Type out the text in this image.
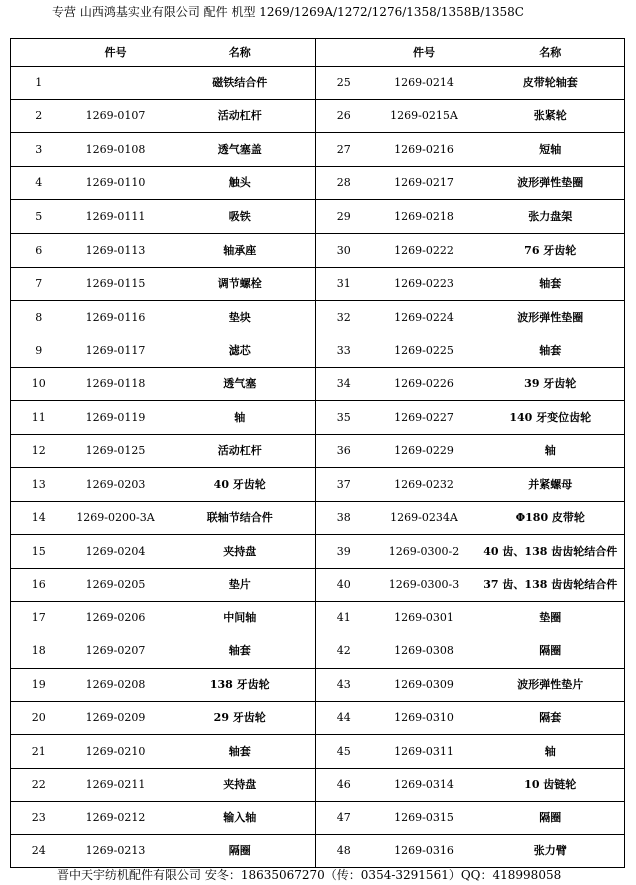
专营 山西鸿基实业有限公司 配件 机型 1269/1269A/1272/1276/1358/1358B/1358C
	件号	名称		件号	名称
1		磁铁结合件	25	1269-0214	皮带轮轴套
2	1269-0107	活动杠杆	26	1269-0215A	张紧轮
3	1269-0108	透气塞盖	27	1269-0216	短轴
4	1269-0110	触头	28	1269-0217	波形弹性垫圈
5	1269-0111	吸铁	29	1269-0218	张力盘架
6	1269-0113	轴承座	30	1269-0222	76 牙齿轮
7	1269-0115	调节螺栓	31	1269-0223	轴套
8	1269-0116	垫块	32	1269-0224	波形弹性垫圈
9	1269-0117	滤芯	33	1269-0225	轴套
10	1269-0118	透气塞	34	1269-0226	39 牙齿轮
11	1269-0119	轴	35	1269-0227	140 牙变位齿轮
12	1269-0125	活动杠杆	36	1269-0229	轴
13	1269-0203	40 牙齿轮	37	1269-0232	并紧螺母
14	1269-0200-3A	联轴节结合件	38	1269-0234A	Φ180 皮带轮
15	1269-0204	夹持盘	39	1269-0300-2	40 齿、138 齿齿轮结合件
16	1269-0205	垫片	40	1269-0300-3	37 齿、138 齿齿轮结合件
17	1269-0206	中间轴	41	1269-0301	垫圈
18	1269-0207	轴套	42	1269-0308	隔圈
19	1269-0208	138 牙齿轮	43	1269-0309	波形弹性垫片
20	1269-0209	29 牙齿轮	44	1269-0310	隔套
21	1269-0210	轴套	45	1269-0311	轴
22	1269-0211	夹持盘	46	1269-0314	10 齿链轮
23	1269-0212	输入轴	47	1269-0315	隔圈
24	1269-0213	隔圈	48	1269-0316	张力臂
晋中天宇纺机配件有限公司 安冬：18635067270（传：0354-3291561）QQ：418998058
